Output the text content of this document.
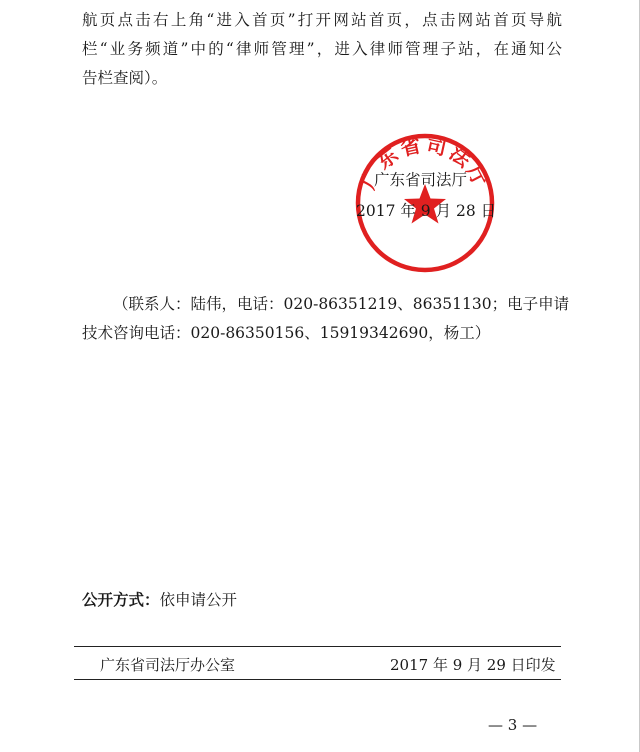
航页点击右上角“进入首页”打开网站首页，点击网站首页导航
栏“业务频道”中的“律师管理”，进入律师管理子站，在通知公
告栏查阅）。
广东省司法厅
广东省司法厅
2017 年 9 月 28 日
（联系人：陆伟，电话：020-86351219、86351130；电子申请
技术咨询电话：020-86350156、15919342690，杨工）
公开方式：依申请公开
广东省司法厅办公室	2017 年 9 月 29 日印发
— 3 —
